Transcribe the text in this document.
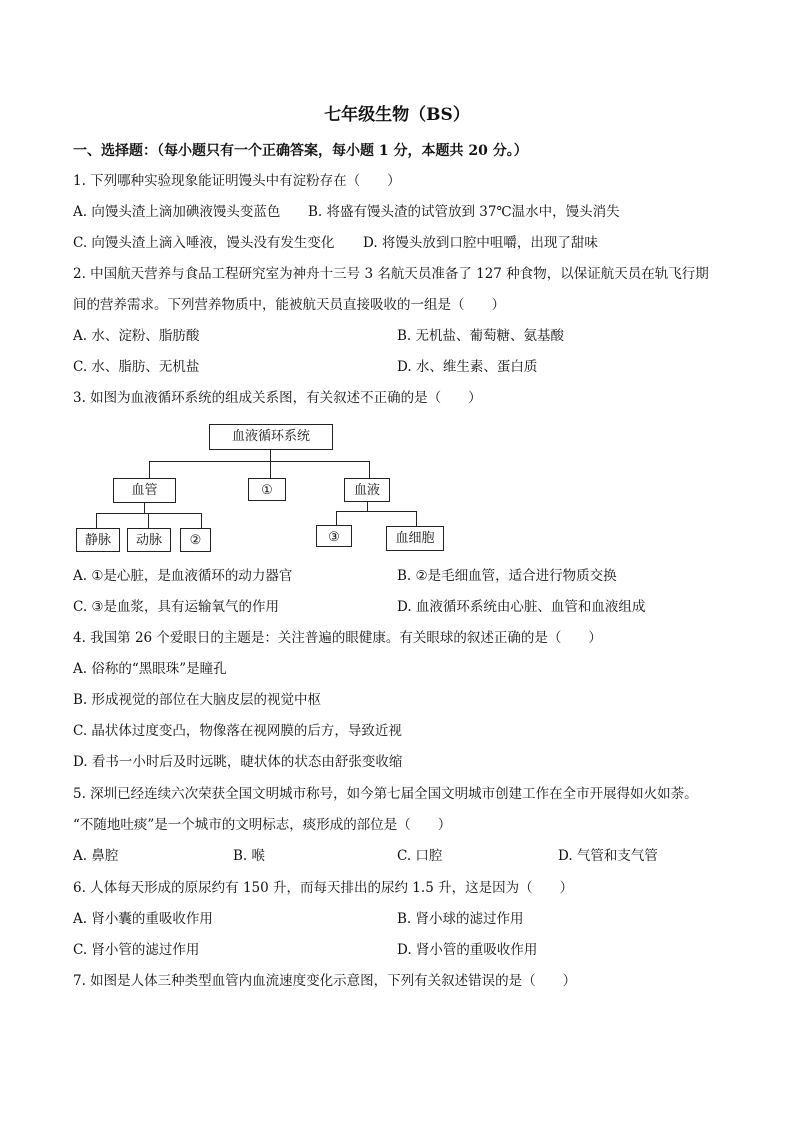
七年级生物（BS）
一、选择题：（每小题只有一个正确答案，每小题 1 分，本题共 20 分。）
1. 下列哪种实验现象能证明馒头中有淀粉存在（　　）
A. 向馒头渣上滴加碘液馒头变蓝色 B. 将盛有馒头渣的试管放到 37℃温水中，馒头消失
C. 向馒头渣上滴入唾液，馒头没有发生变化 D. 将馒头放到口腔中咀嚼，出现了甜味
2. 中国航天营养与食品工程研究室为神舟十三号 3 名航天员准备了 127 种食物，以保证航天员在轨飞行期
间的营养需求。下列营养物质中，能被航天员直接吸收的一组是（　　）
A. 水、淀粉、脂肪酸	B. 无机盐、葡萄糖、氨基酸
C. 水、脂肪、无机盐	D. 水、维生素、蛋白质
3. 如图为血液循环系统的组成关系图，有关叙述不正确的是（　　）
血液循环系统
血管	①	血液
静脉	动脉	②	③	血细胞
A. ①是心脏，是血液循环的动力器官	B. ②是毛细血管，适合进行物质交换
C. ③是血浆，具有运输氧气的作用	D. 血液循环系统由心脏、血管和血液组成
4. 我国第 26 个爱眼日的主题是：关注普遍的眼健康。有关眼球的叙述正确的是（　　）
A. 俗称的“黑眼珠”是瞳孔
B. 形成视觉的部位在大脑皮层的视觉中枢
C. 晶状体过度变凸，物像落在视网膜的后方，导致近视
D. 看书一小时后及时远眺，睫状体的状态由舒张变收缩
5. 深圳已经连续六次荣获全国文明城市称号，如今第七届全国文明城市创建工作在全市开展得如火如荼。
“不随地吐痰”是一个城市的文明标志，痰形成的部位是（　　）
A. 鼻腔	B. 喉	C. 口腔	D. 气管和支气管
6. 人体每天形成的原尿约有 150 升，而每天排出的尿约 1.5 升，这是因为（　　）
A. 肾小囊的重吸收作用	B. 肾小球的滤过作用
C. 肾小管的滤过作用	D. 肾小管的重吸收作用
7. 如图是人体三种类型血管内血流速度变化示意图，下列有关叙述错误的是（　　）
